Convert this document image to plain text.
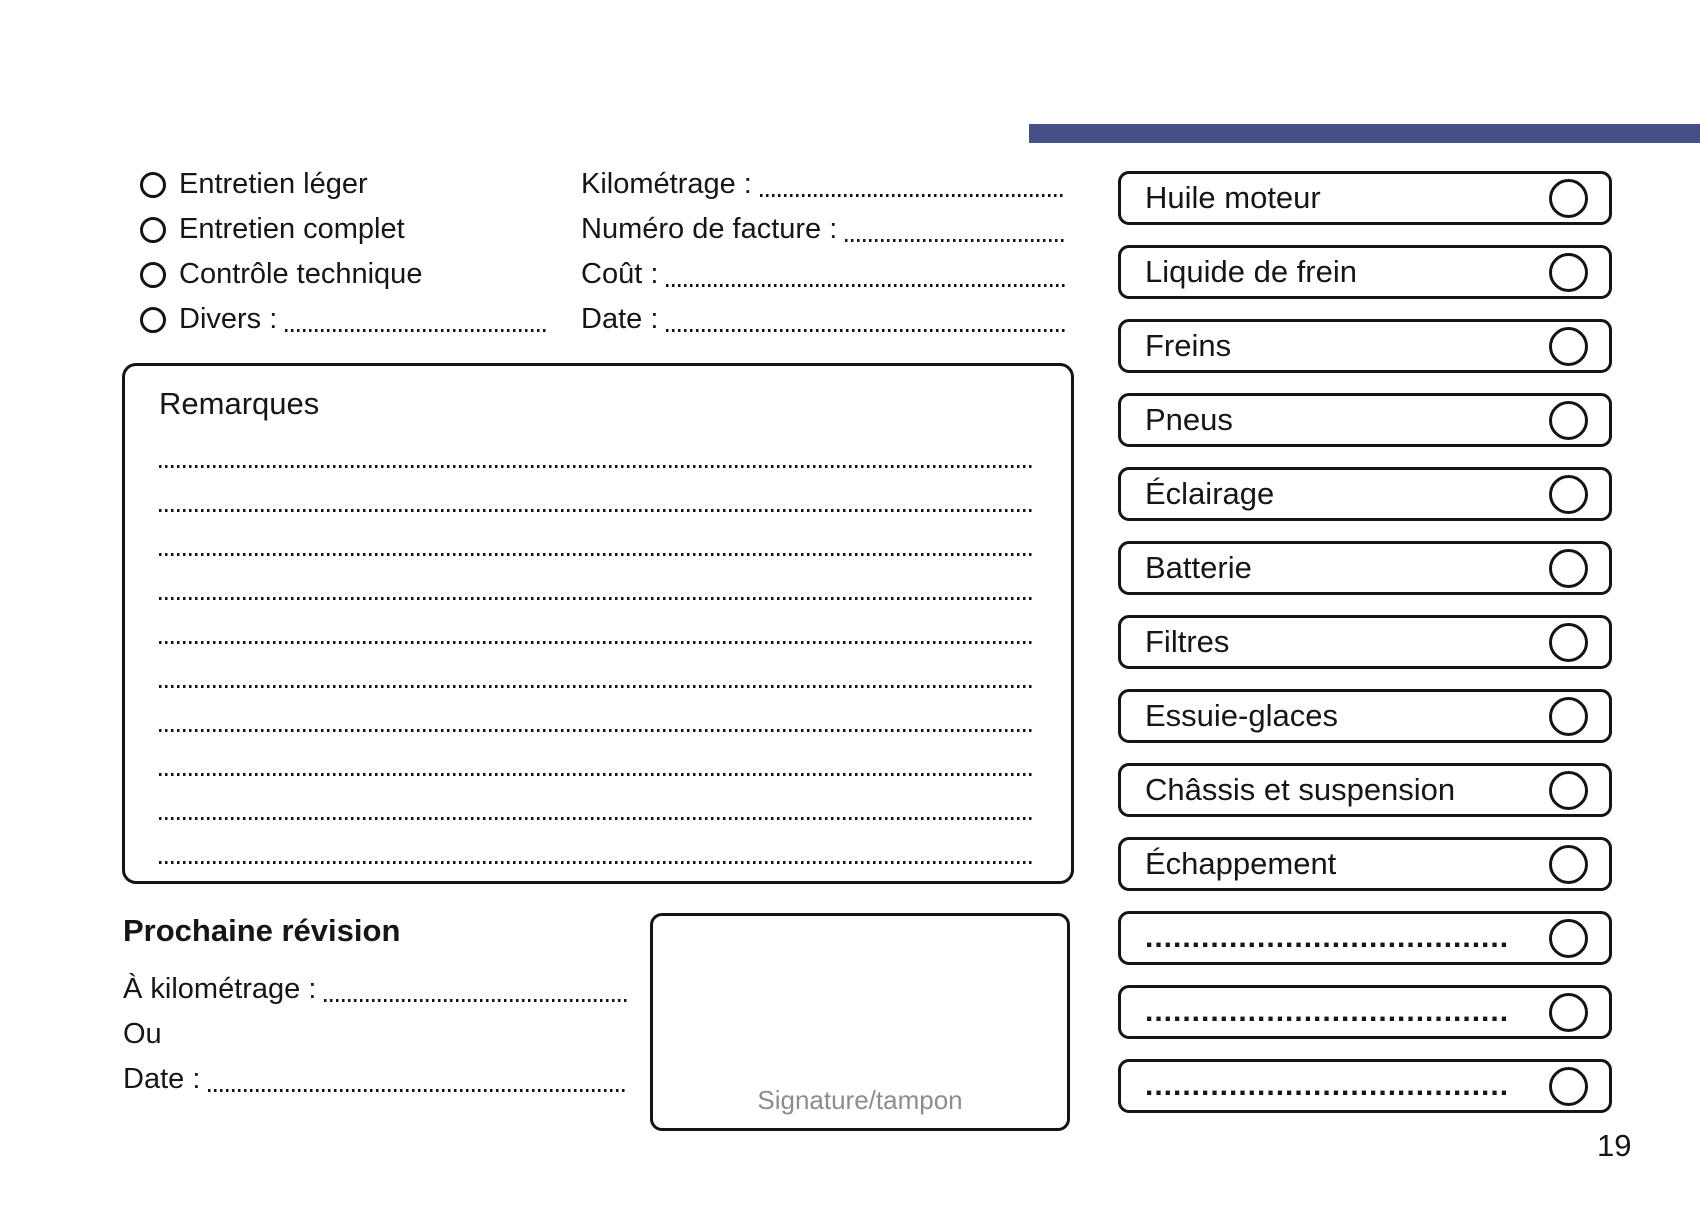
Entretien léger	Kilométrage :
Entretien complet	Numéro de facture :
Contrôle technique	Coût :
Divers :	Date :
Remarques
Prochaine révision
À kilométrage :
Ou
Date :
Signature/tampon
Huile moteur
Liquide de frein
Freins
Pneus
Éclairage
Batterie
Filtres
Essuie-glaces
Châssis et suspension
Échappement
.......................................
.......................................
.......................................
19
